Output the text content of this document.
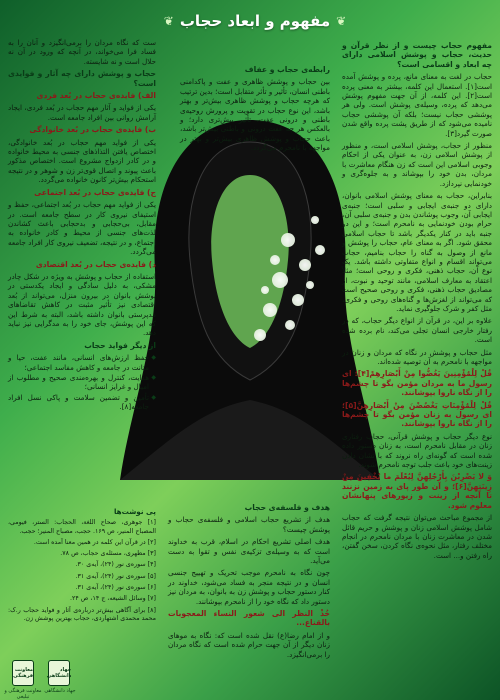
❦
مفهوم و ابعاد حجاب
❦

مفهوم حجاب چیست و از نظر قرآن و حدیث، حجاب و پوشش اسلامی دارای چه ابعاد و اقسامی است؟

حجاب در لغت به معنای مانع، پرده و پوشش آمده است[۱]. استعمال این کلمه، بیشتر به معنی پرده است[۲]. این کلمه، از آن جهت مفهوم پوشش می‌دهد که پرده، وسیله‌ی پوشش است. ولی هر پوششی حجاب نیست؛ بلکه آن پوششی حجاب نامیده می‌شود که از طریق پشت پرده واقع شدن صورت گیرد[۳].

منظور از حجاب، پوشش اسلامی است، و منظور از پوشش اسلامی زن، به عنوان یکی از احکام وجوبی اسلامی این است که زن هنگام معاشرت با مردان، بدن خود را بپوشاند و به جلوه‌گری و خودنمایی نپردازد.

بنابراین، حجاب به معنای پوشش اسلامی بانوان، دارای دو جنبه‌ی ایجابی و سلبی است؛ جنبه‌ی ایجابی آن، وجوب پوشاندن بدن و جنبه‌ی سلبی آن، حرام بودن خودنمایی به نامحرم است؛ و این دو جنبه باید در کنار یکدیگر باشد تا حجاب اسلامی محقق شود. اگر به معنای عام، حجاب را پوشش و مانع از وصول به گناه را حجاب بنامیم، حجاب می‌تواند اقسام و انواع متفاوتی داشته باشد. یک نوع آن، حجاب ذهنی، فکری و روحی است؛ مثلاً اعتقاد به معارف اسلامی، مانند توحید و نبوت، از مصادیق حجاب ذهنی، فکری و روحی صحیح است که می‌تواند از لغزش‌ها و گناه‌های روحی و فکری، مثل کفر و شرک جلوگیری نماید.

علاوه بر این، در قرآن از انواع دیگر حجاب، که در رفتار خارجی انسان تجلی می‌کند، نام برده شده است.

مثل حجاب و پوشش در نگاه که مردان و زنان در مواجهه با نامحرم به آن توصیه شده‌اند.

قُلْ لِلْمُؤْمِنِینَ یَغُضُّوا مِنْ أَبْصَارِهِمْ[۴]؛ ای رسول ما به مردان مؤمن بگو تا چشم‌ها را از نگاه ناروا بپوشانند.

قُلْ لِلْمُؤْمِنَاتِ یَغْضُضْنَ مِنْ أَبْصَارِهِنَّ[۵]؛ ای رسول به زنان مؤمن بگو تا چشم‌ها را از نگاه ناروا بپوشانند.

نوع دیگر حجاب و پوشش قرآنی، حجاب رفتاری زنان در مقابل نامحرم است، به زنان دستور داده شده است که گونه‌ای راه نروند که با نشان دادن زینت‌های خود باعث جلب توجه نامحرم شوند.

وَ لا یَضْرِبْنَ بِأَرْجُلِهِنَّ لِیُعْلَمَ ما یُخْفِینَ مِنْ زِینَتِهِنَّ[۶]؛ و آن طور پای به زمین نزنند تا آنچه از زینت و زیورهای پنهانشان معلوم شود.

از مجموع مباحث می‌توان نتیجه گرفت که حجاب شامل پوشش اسلامی زنان و پوشش و حریم قائل شدن در معاشرت زنان با مردان نامحرم در انجام مختلف رفتار، مثل نحوه‌ی نگاه کردن، سخن گفتن، راه رفتن و... است.

رابطه‌ی حجاب و عفاف

بین حجاب و پوشش ظاهری و عفت و پاکدامنی باطنی انسان، تأثیر و تأثر متقابل است؛ بدین ترتیب که هرچه حجاب و پوشش ظاهری بیش‌تر و بهتر باشد، این نوع حجاب در تقویت و پرورش روحیه‌ی باطنی و درونی عفت، تأثیر بیش‌تری دارد؛ و بالعکس هر چه عفت درونی و باطنی بیش‌تر باشد، باعث حجاب و پوشش ظاهری بیش‌تر و بهتر در مواجهه با نامحرم می‌گردد.

ست که نگاه مردان را برمی‌انگیزد و آنان را به فساد فرا می‌خواند، در آنچه که ورود در آن نه حلال است و نه شایسته.

حجاب و پوشش دارای چه آثار و فوایدی است؟

الف) فایده‌ی حجاب در بُعد فردی

یکی از فواید و آثار مهم حجاب در بُعد فردی، ایجاد آرامش روانی بین افراد جامعه است.

ب) فایده‌ی حجاب در بُعد خانوادگی

یکی از فواید مهم حجاب در بُعد خانوادگی، اختصاص یافتن التذاذهای جنسی به محیط خانواده و در کادر ازدواج مشروع است. اختصاص مذکور باعث پیوند و اتصال قوی‌تر زن و شوهر و در نتیجه استحکام بیش‌تر کانون خانواده می‌گردد.

ج) فایده‌ی حجاب در بُعد اجتماعی

یکی از فواید مهم حجاب در بُعد اجتماعی، حفظ و استیفای نیروی کار در سطح جامعه است. در مقابل، بی‌حجابی و بدحجابی باعث کشاندن لذت‌های جنسی از محیط و کادر خانواده به اجتماع، و در نتیجه، تضعیف نیروی کار افراد جامعه می‌گردد.

د) فایده‌ی حجاب در بُعد اقتصادی

استفاده از حجاب و پوشش به ویژه در شکل چادر مشکی، به دلیل سادگی و ایجاد یکدستی در پوشش بانوان در بیرون منزل، می‌تواند از بُعد اقتصادی نیز تأثیر مثبت در کاهش تقاضاهای مدپرستی بانوان داشته باشد، البته به شرط این که این پوشش، جای خود را به مدگرایی نیز نباید دهد.

از دیگر فواید حجاب

◆ حفظ ارزش‌های انسانی، مانند عفت، حیا و متانت در جامعه و کاهش مفاسد اجتماعی؛
◆ هدایت، کنترل و بهره‌مندی صحیح و مطلوب از امیال و غرایز انسانی؛
◆ تأمین و تضمین سلامت و پاکی نسل افراد جامعه[۸].

پی نوشت‌ها

[۱] جوهری، صحاح اللغة، الحجاب: الستر، فیومی، المصباح المنیر، ص ۱۶۹. حجب، مصباح المنیر؛ حجب.

[۲] در قرآن این کلمه در همین معنا آمده است.

[۳] مطهری، مسئله‌ی حجاب، ص ۷۸.

[۴] سوره‌ی نور (۲۴)، آیه‌ی ۳۰.

[۵] سوره‌ی نور (۲۴)، آیه‌ی ۳۱.

[۶] سوره‌ی نور (۲۴)، آیه‌ی ۳۱.

[۷] وسائل الشیعه، ج ۱۴، ص ۲۴.

[۸] برای آگاهی بیش‌تر درباره‌ی آثار و فواید حجاب ر.ک: محمد محمدی اشتهاردی، حجاب بهترین پوشش زن.

هدف و فلسفه‌ی حجاب

هدف از تشریع حجاب اسلامی و فلسفه‌ی حجاب و پوشش چیست؟

هدف اصلی تشریع احکام در اسلام، قرب به خداوند است که به وسیله‌ی تزکیه‌ی نفس و تقوا به دست می‌آید.

چون نگاه به نامحرم موجب تحریک و تهییج جنسی انسان و در نتیجه منجر به فساد می‌شود، خداوند در کنار دستور حجاب و پوشش زن به بانوان، به مردان نیز دستور داد که نگاه خود را از نامحرم بپوشانند.

خُذْ النظر الى شعور النساء المعجوبات بالقناع...

و از امام رضا(ع) نقل شده است که: نگاه به موهای زنان دیگر از آن جهت حرام شده است که نگاه مردان را برمی‌انگیزد.

معاونت فرهنگی
معاونت فرهنگی و تبلیغی
جهاد دانشگاهی
جهاد دانشگاهی
